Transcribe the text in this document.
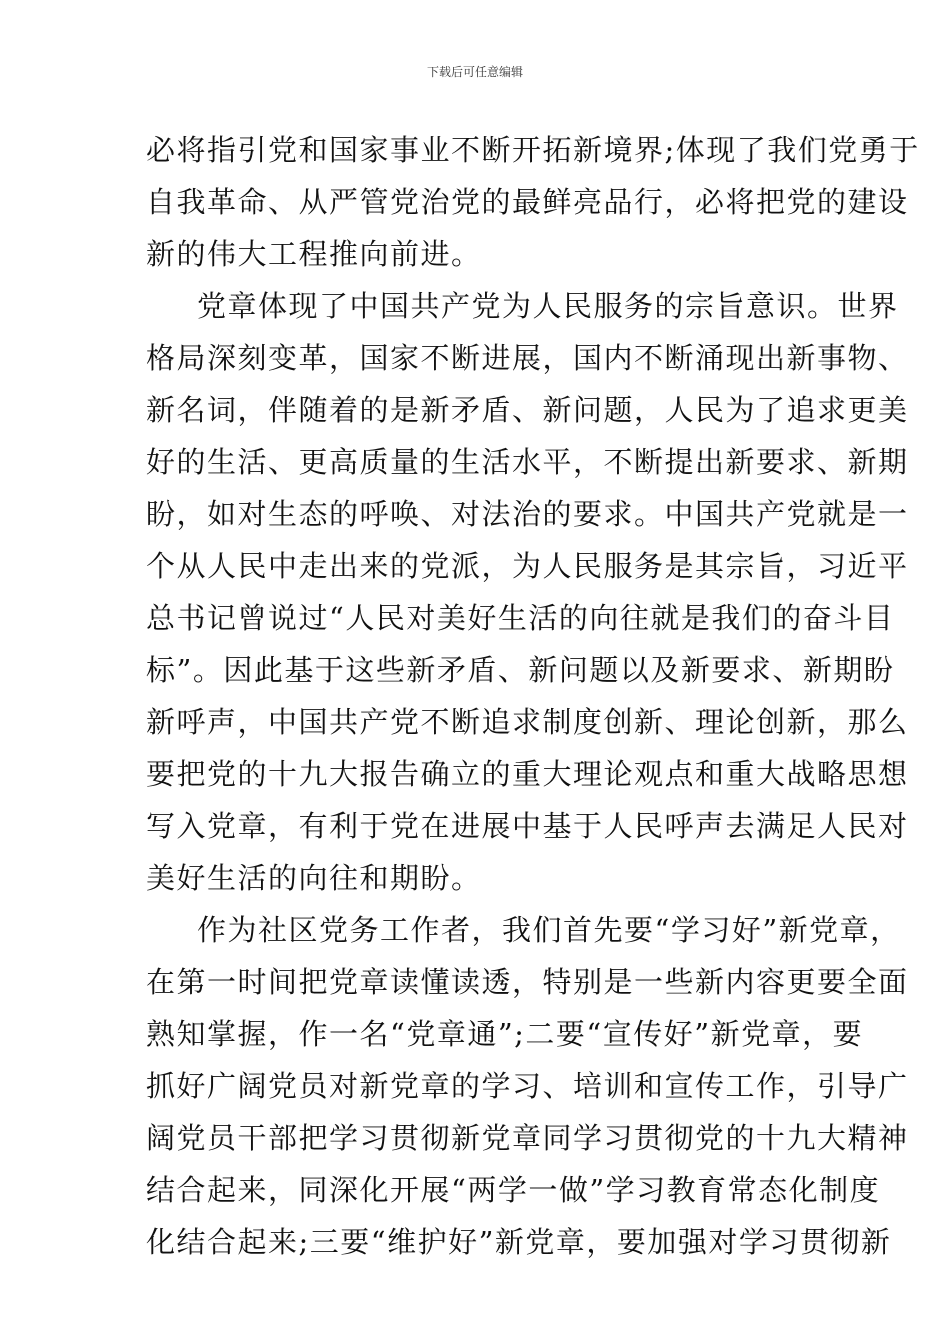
下载后可任意编辑
必将指引党和国家事业不断开拓新境界;体现了我们党勇于
自我革命、从严管党治党的最鲜亮品行，必将把党的建设
新的伟大工程推向前进。
党章体现了中国共产党为人民服务的宗旨意识。世界
格局深刻变革，国家不断进展，国内不断涌现出新事物、
新名词，伴随着的是新矛盾、新问题，人民为了追求更美
好的生活、更高质量的生活水平，不断提出新要求、新期
盼，如对生态的呼唤、对法治的要求。中国共产党就是一
个从人民中走出来的党派，为人民服务是其宗旨，习近平
总书记曾说过“人民对美好生活的向往就是我们的奋斗目
标”。因此基于这些新矛盾、新问题以及新要求、新期盼
新呼声，中国共产党不断追求制度创新、理论创新，那么
要把党的十九大报告确立的重大理论观点和重大战略思想
写入党章，有利于党在进展中基于人民呼声去满足人民对
美好生活的向往和期盼。
作为社区党务工作者，我们首先要“学习好”新党章，
在第一时间把党章读懂读透，特别是一些新内容更要全面
熟知掌握，作一名“党章通”;二要“宣传好”新党章，要
抓好广阔党员对新党章的学习、培训和宣传工作，引导广
阔党员干部把学习贯彻新党章同学习贯彻党的十九大精神
结合起来，同深化开展“两学一做”学习教育常态化制度
化结合起来;三要“维护好”新党章，要加强对学习贯彻新
